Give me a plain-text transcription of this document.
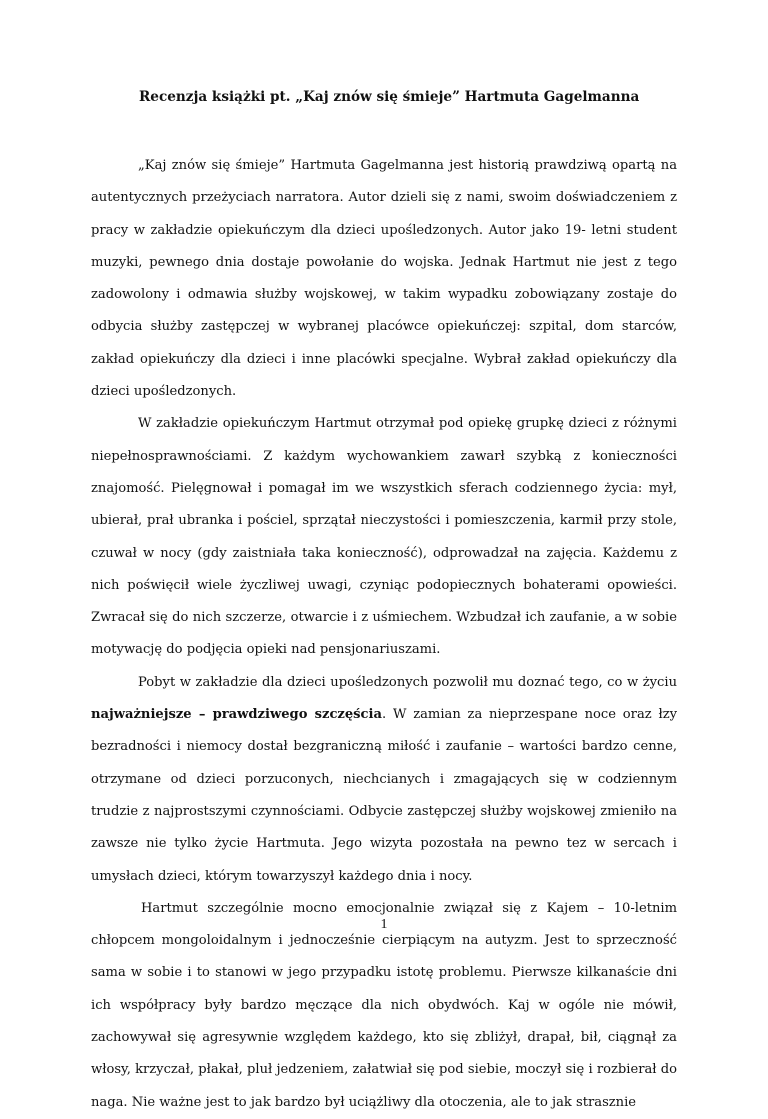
Recenzja książki pt. „Kaj znów się śmieje” Hartmuta Gagelmanna

„Kaj znów się śmieje” Hartmuta Gagelmanna jest historią prawdziwą opartą na autentycznych przeżyciach narratora. Autor dzieli się z nami, swoim doświadczeniem z pracy w zakładzie opiekuńczym dla dzieci upośledzonych. Autor jako 19- letni student muzyki, pewnego dnia dostaje powołanie do wojska. Jednak Hartmut nie jest z tego zadowolony i odmawia służby wojskowej, w takim wypadku zobowiązany zostaje do odbycia służby zastępczej w wybranej placówce opiekuńczej: szpital, dom starców, zakład opiekuńczy dla dzieci i inne placówki specjalne. Wybrał zakład opiekuńczy dla dzieci upośledzonych.

W zakładzie opiekuńczym Hartmut otrzymał pod opiekę grupkę dzieci z różnymi niepełnosprawnościami. Z każdym wychowankiem zawarł szybką z konieczności znajomość. Pielęgnował i pomagał im we wszystkich sferach codziennego życia: mył, ubierał, prał ubranka i pościel, sprzątał nieczystości i pomieszczenia, karmił przy stole, czuwał w nocy (gdy zaistniała taka konieczność), odprowadzał na zajęcia. Każdemu z nich poświęcił wiele życzliwej uwagi, czyniąc podopiecznych bohaterami opowieści. Zwracał się do nich szczerze, otwarcie i z uśmiechem. Wzbudzał ich zaufanie, a w sobie motywację do podjęcia opieki nad pensjonariuszami.

Pobyt w zakładzie dla dzieci upośledzonych pozwolił mu doznać tego, co w życiu najważniejsze – prawdziwego szczęścia. W zamian za nieprzespane noce oraz łzy bezradności i niemocy dostał bezgraniczną miłość i zaufanie – wartości bardzo cenne, otrzymane od dzieci porzuconych, niechcianych i zmagających się w codziennym trudzie z najprostszymi czynnościami. Odbycie zastępczej służby wojskowej zmieniło na zawsze nie tylko życie Hartmuta. Jego wizyta pozostała na pewno tez w sercach i umysłach dzieci, którym towarzyszył każdego dnia i nocy.

Hartmut szczególnie mocno emocjonalnie związał się z Kajem – 10-letnim chłopcem mongoloidalnym i jednocześnie cierpiącym na autyzm. Jest to sprzeczność sama w sobie i to stanowi w jego przypadku istotę problemu. Pierwsze kilkanaście dni ich współpracy były bardzo męczące dla nich obydwóch. Kaj w ogóle nie mówił, zachowywał się agresywnie względem każdego, kto się zbliżył, drapał, bił, ciągnął za włosy, krzyczał, płakał, pluł jedzeniem, załatwiał się pod siebie, moczył się i rozbierał do naga. Nie ważne jest to jak bardzo był uciążliwy dla otoczenia, ale to jak strasznie

1
